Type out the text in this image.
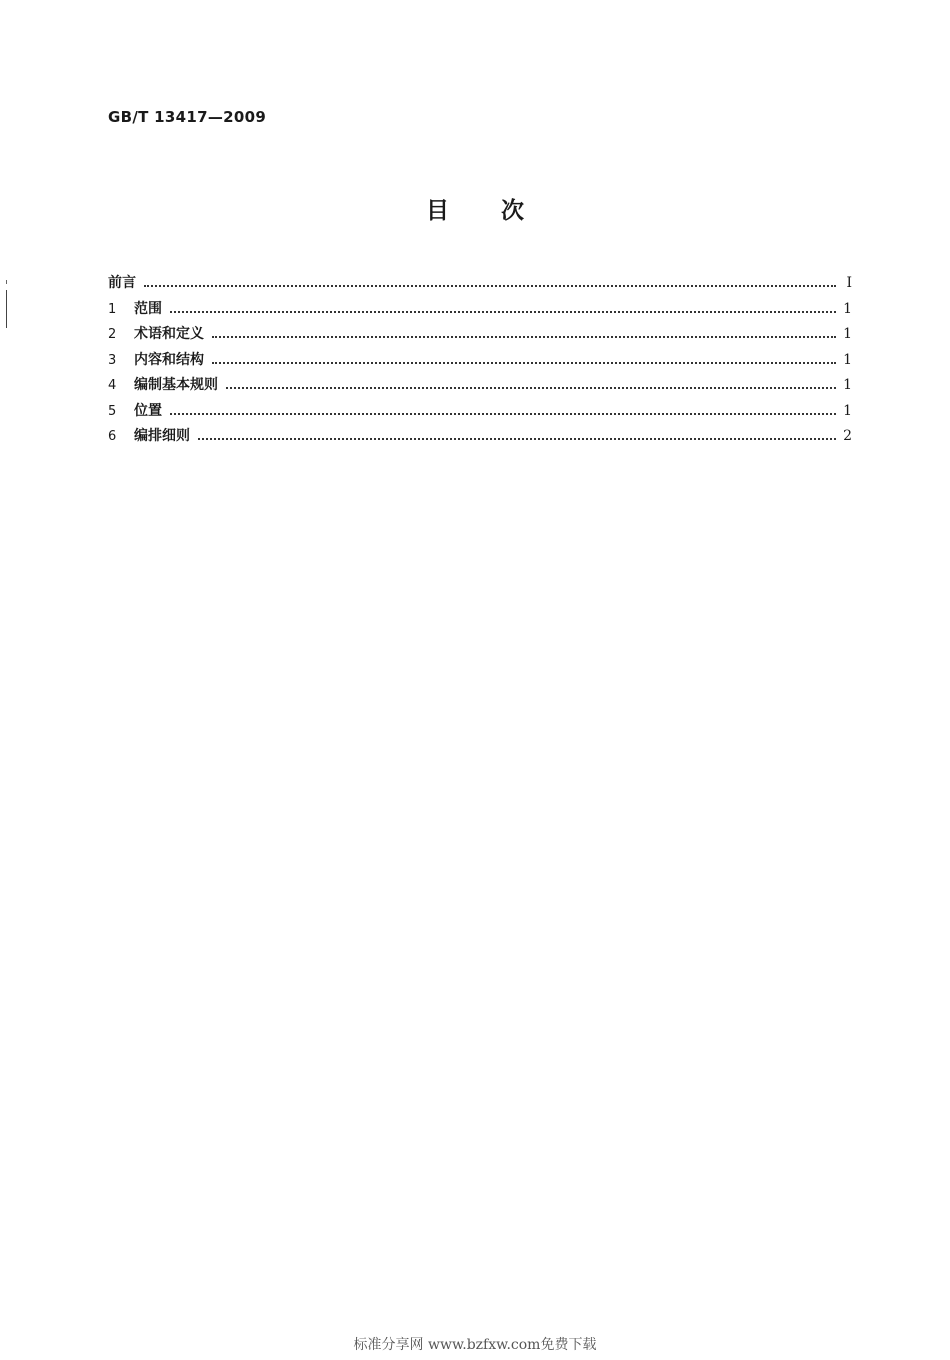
GB/T 13417—2009
目 次
前言	I
1	范围	1
2	术语和定义	1
3	内容和结构	1
4	编制基本规则	1
5	位置	1
6	编排细则	2
标准分享网 www.bzfxw.com免费下载
